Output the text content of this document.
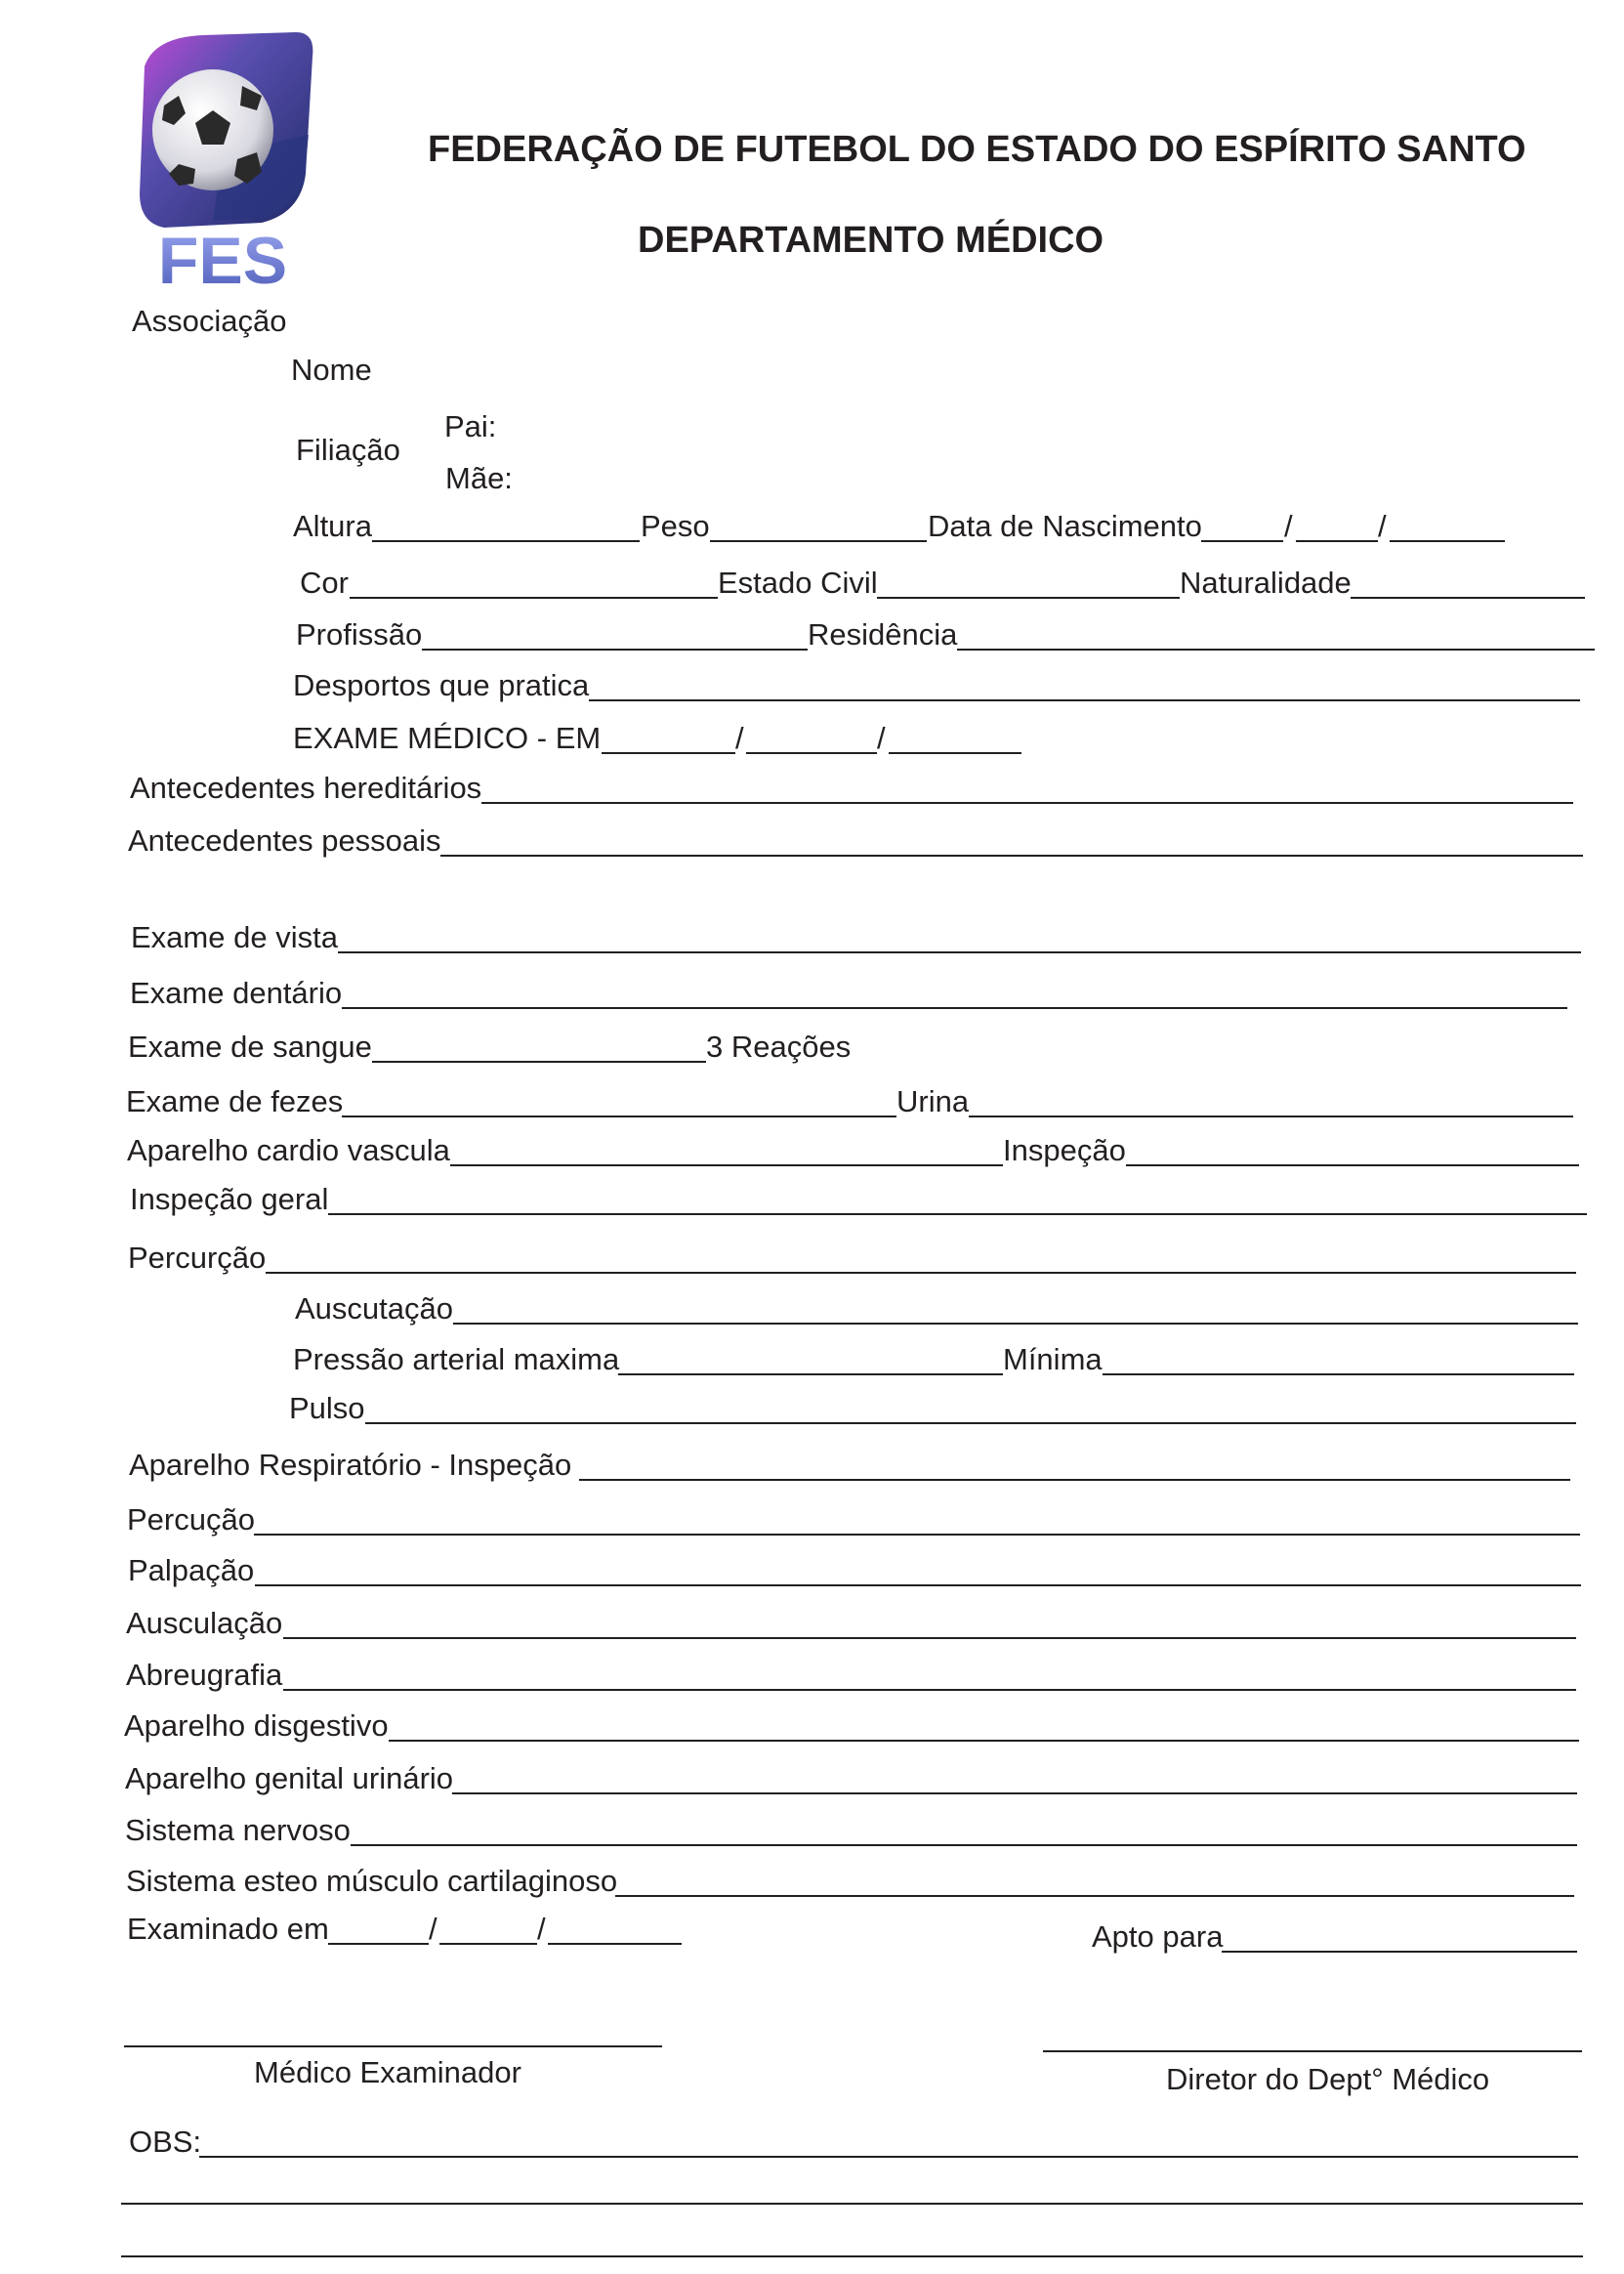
FES
FEDERAÇÃO DE FUTEBOL DO ESTADO DO ESPÍRITO SANTO
DEPARTAMENTO MÉDICO
Associação
Nome
Filiação
Pai:
Mãe:
Altura	Peso	Data de Nascimento	/	/
Cor	Estado Civil	Naturalidade
Profissão	Residência
Desportos que pratica
EXAME MÉDICO - EM	/	/
Antecedentes hereditários
Antecedentes pessoais
Exame de vista
Exame dentário
Exame de sangue	3 Reações
Exame de fezes	Urina
Aparelho cardio vascula	Inspeção
Inspeção geral
Percurção
Auscutação
Pressão arterial maxima	Mínima
Pulso
Aparelho Respiratório - Inspeção
Percução
Palpação
Ausculação
Abreugrafia
Aparelho disgestivo
Aparelho genital urinário
Sistema nervoso
Sistema esteo músculo cartilaginoso
Examinado em	/	/	Apto para
Médico Examinador	Diretor do Dept° Médico
OBS:
